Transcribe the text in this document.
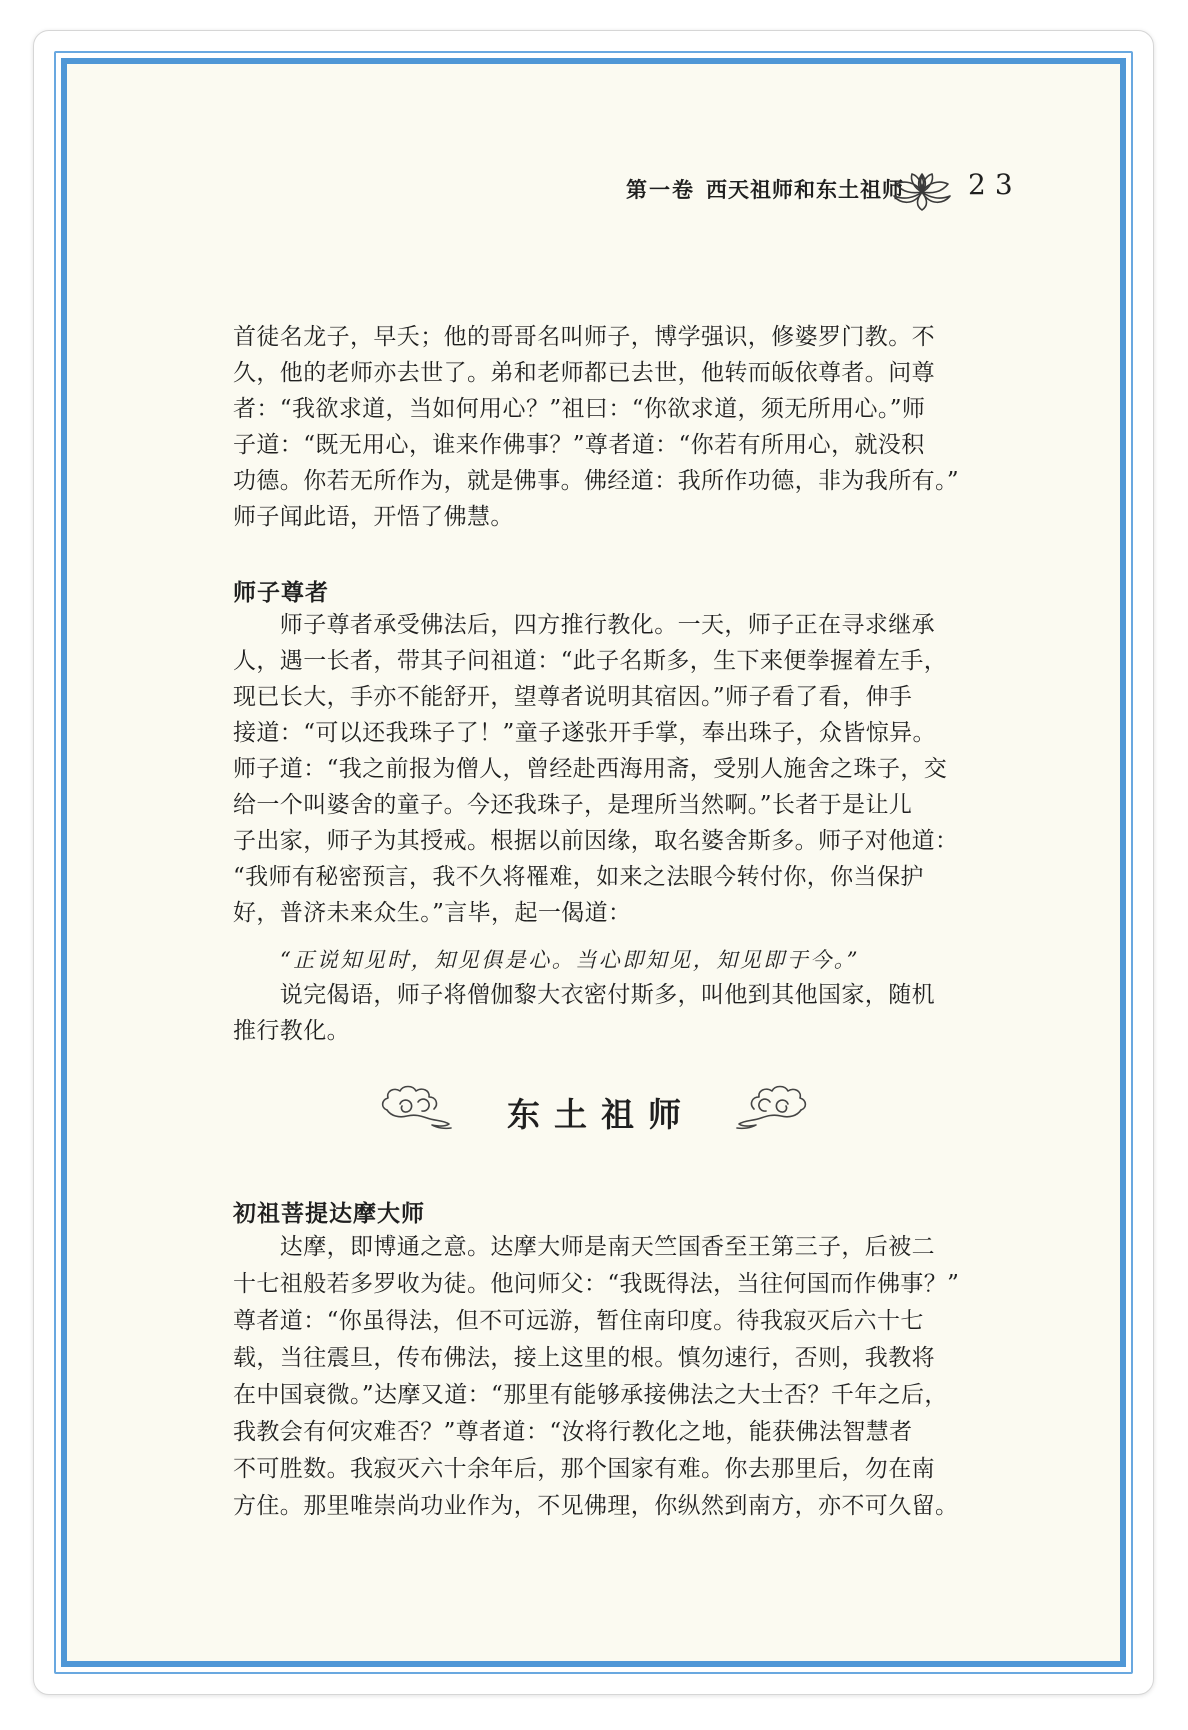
第一卷 西天祖师和东土祖师 23
首徒名龙子，早夭；他的哥哥名叫师子，博学强识，修婆罗门教。不
久，他的老师亦去世了。弟和老师都已去世，他转而皈依尊者。问尊
者：“我欲求道，当如何用心？”祖曰：“你欲求道，须无所用心。”师
子道：“既无用心，谁来作佛事？”尊者道：“你若有所用心，就没积
功德。你若无所作为，就是佛事。佛经道：我所作功德，非为我所有。”
师子闻此语，开悟了佛慧。
师子尊者
　　师子尊者承受佛法后，四方推行教化。一天，师子正在寻求继承
人，遇一长者，带其子问祖道：“此子名斯多，生下来便拳握着左手，
现已长大，手亦不能舒开，望尊者说明其宿因。”师子看了看，伸手
接道：“可以还我珠子了！”童子遂张开手掌，奉出珠子，众皆惊异。
师子道：“我之前报为僧人，曾经赴西海用斋，受别人施舍之珠子，交
给一个叫婆舍的童子。今还我珠子，是理所当然啊。”长者于是让儿
子出家，师子为其授戒。根据以前因缘，取名婆舍斯多。师子对他道：
“我师有秘密预言，我不久将罹难，如来之法眼今转付你，你当保护
好，普济未来众生。”言毕，起一偈道：
　　“正说知见时，知见俱是心。当心即知见，知见即于今。”
　　说完偈语，师子将僧伽黎大衣密付斯多，叫他到其他国家，随机
推行教化。
东土祖师
初祖菩提达摩大师
　　达摩，即博通之意。达摩大师是南天竺国香至王第三子，后被二
十七祖般若多罗收为徒。他问师父：“我既得法，当往何国而作佛事？”
尊者道：“你虽得法，但不可远游，暂住南印度。待我寂灭后六十七
载，当往震旦，传布佛法，接上这里的根。慎勿速行，否则，我教将
在中国衰微。”达摩又道：“那里有能够承接佛法之大士否？千年之后，
我教会有何灾难否？”尊者道：“汝将行教化之地，能获佛法智慧者
不可胜数。我寂灭六十余年后，那个国家有难。你去那里后，勿在南
方住。那里唯崇尚功业作为，不见佛理，你纵然到南方，亦不可久留。
